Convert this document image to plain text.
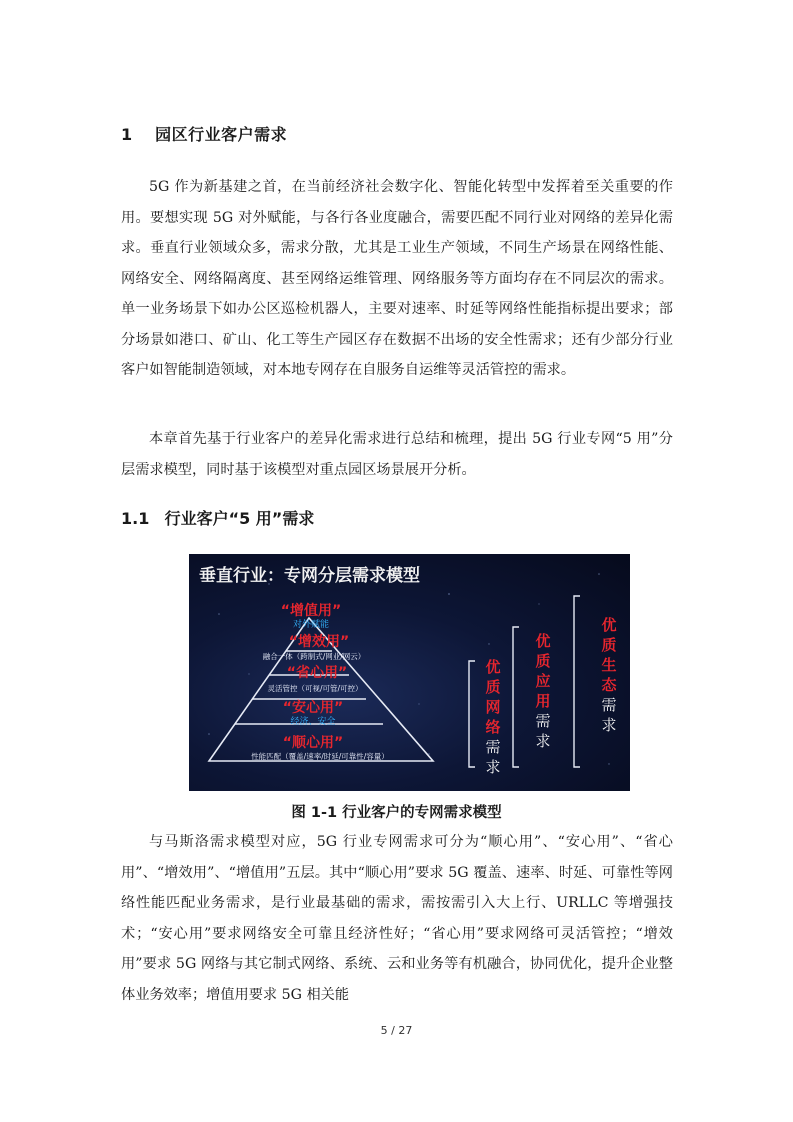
1 园区行业客户需求

5G 作为新基建之首，在当前经济社会数字化、智能化转型中发挥着至关重要的作用。要想实现 5G 对外赋能，与各行各业度融合，需要匹配不同行业对网络的差异化需求。垂直行业领域众多，需求分散，尤其是工业生产领域，不同生产场景在网络性能、网络安全、网络隔离度、甚至网络运维管理、网络服务等方面均存在不同层次的需求。单一业务场景下如办公区巡检机器人，主要对速率、时延等网络性能指标提出要求；部分场景如港口、矿山、化工等生产园区存在数据不出场的安全性需求；还有少部分行业客户如智能制造领域，对本地专网存在自服务自运维等灵活管控的需求。

本章首先基于行业客户的差异化需求进行总结和梳理，提出 5G 行业专网“5 用”分层需求模型，同时基于该模型对重点园区场景展开分析。

1.1 行业客户“5 用”需求
垂直行业：专网分层需求模型
“增值用”
对外赋能
“增效用”
融合一体（跨制式/网业/网云）
“省心用”
灵活管控（可视/可管/可控）
“安心用”
经济、安全
“顺心用”
性能匹配（覆盖/速率/时延/可靠性/容量）
优质网络
需求
优质应用
需求
优质生态
需求
图 1-1 行业客户的专网需求模型

与马斯洛需求模型对应，5G 行业专网需求可分为“顺心用”、“安心用”、“省心用”、“增效用”、“增值用”五层。其中“顺心用”要求 5G 覆盖、速率、时延、可靠性等网络性能匹配业务需求，是行业最基础的需求，需按需引入大上行、URLLC 等增强技术；“安心用”要求网络安全可靠且经济性好；“省心用”要求网络可灵活管控；“增效用”要求 5G 网络与其它制式网络、系统、云和业务等有机融合，协同优化，提升企业整体业务效率；增值用要求 5G 相关能

5 / 27
